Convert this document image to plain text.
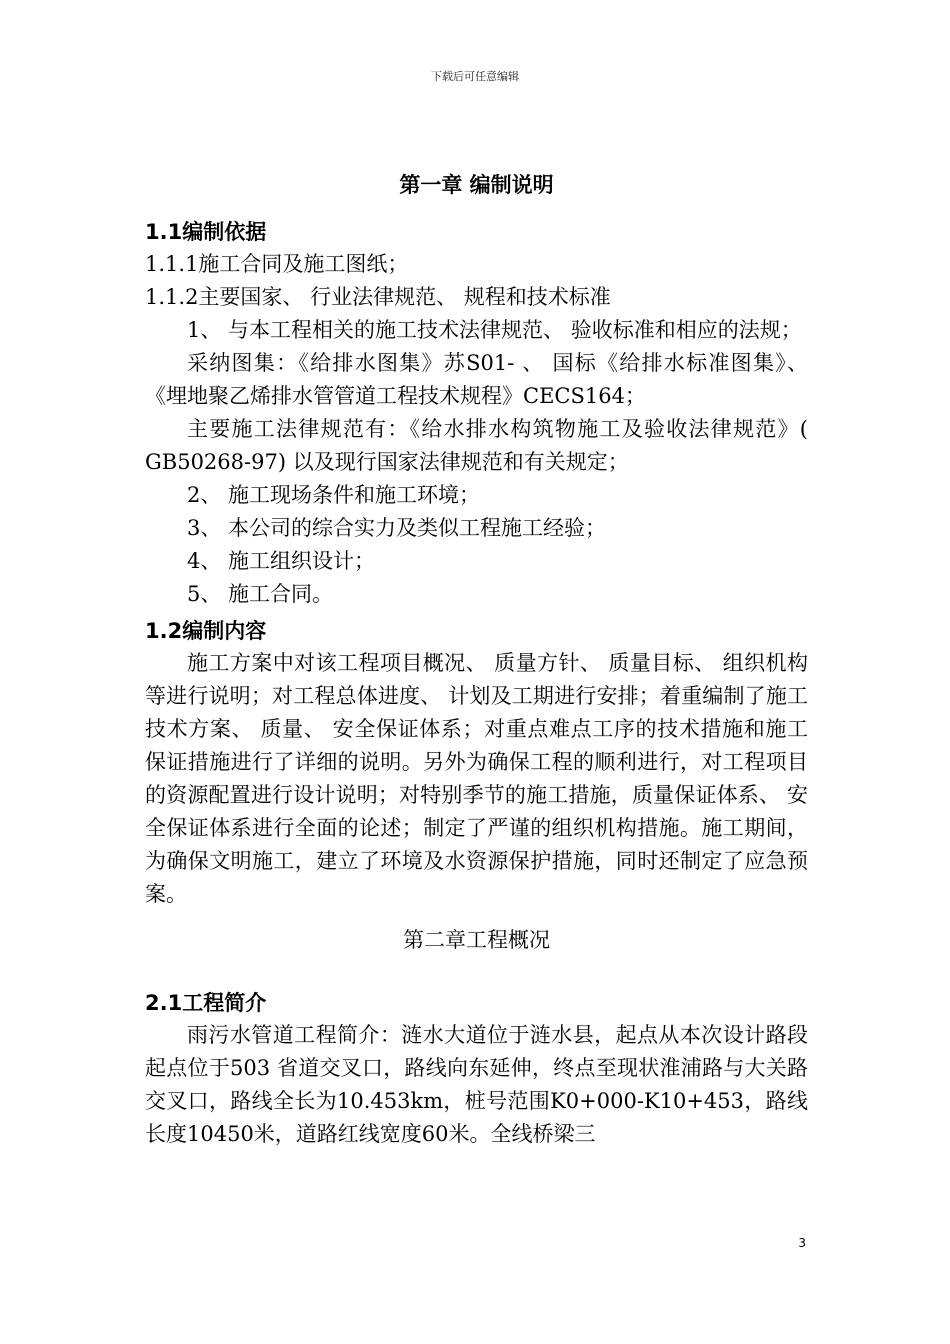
下载后可任意编辑
第一章 编制说明
1.1编制依据

1.1.1施工合同及施工图纸；

1.1.2主要国家、 行业法律规范、 规程和技术标准

1、 与本工程相关的施工技术法律规范、 验收标准和相应的法规；

采纳图集：《给排水图集》苏S01- 、 国标《给排水标准图集》、 《埋地聚乙烯排水管管道工程技术规程》CECS164；

主要施工法律规范有：《给水排水构筑物施工及验收法律规范》( GB50268-97) 以及现行国家法律规范和有关规定；

2、 施工现场条件和施工环境；

3、 本公司的综合实力及类似工程施工经验；

4、 施工组织设计；

5、 施工合同。

1.2编制内容

施工方案中对该工程项目概况、 质量方针、 质量目标、 组织机构等进行说明；对工程总体进度、 计划及工期进行安排；着重编制了施工技术方案、 质量、 安全保证体系；对重点难点工序的技术措施和施工保证措施进行了详细的说明。另外为确保工程的顺利进行，对工程项目的资源配置进行设计说明；对特别季节的施工措施，质量保证体系、 安全保证体系进行全面的论述；制定了严谨的组织机构措施。施工期间，为确保文明施工，建立了环境及水资源保护措施，同时还制定了应急预案。

第二章工程概况
2.1工程简介

雨污水管道工程简介：涟水大道位于涟水县，起点从本次设计路段起点位于503 省道交叉口，路线向东延伸，终点至现状淮浦路与大关路交叉口，路线全长为10.453km，桩号范围K0+000-K10+453，路线长度10450米，道路红线宽度60米。全线桥梁三

3
